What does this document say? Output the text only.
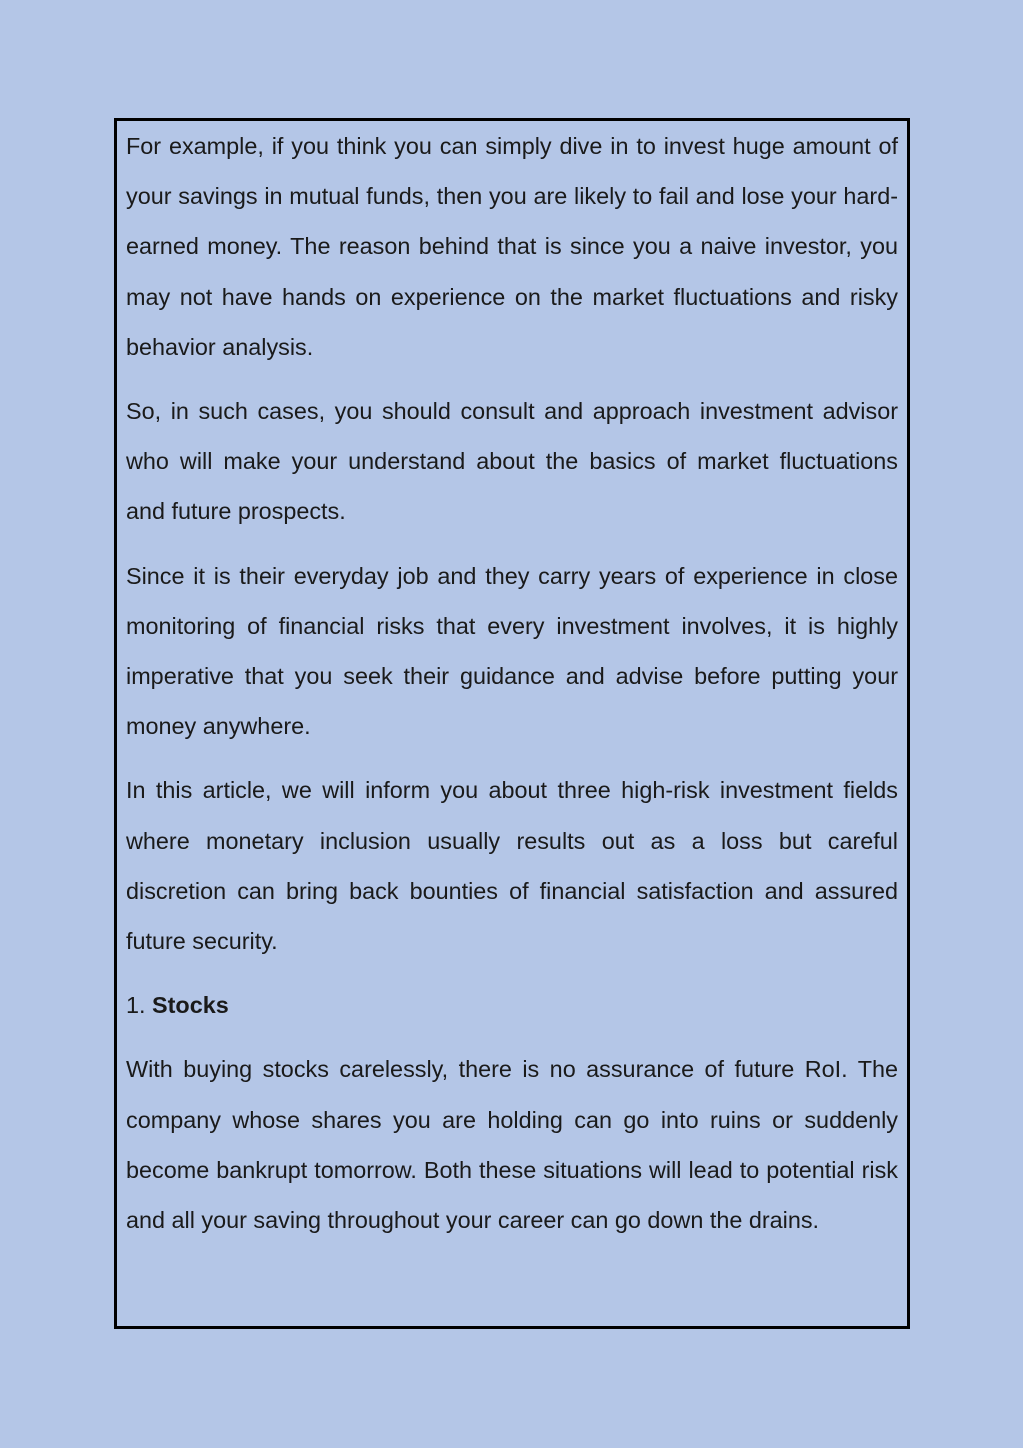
For example, if you think you can simply dive in to invest huge amount of your savings in mutual funds, then you are likely to fail and lose your hard-earned money. The reason behind that is since you a naive investor, you may not have hands on experience on the market fluctuations and risky behavior analysis.

So, in such cases, you should consult and approach investment advisor who will make your understand about the basics of market fluctuations and future prospects.

Since it is their everyday job and they carry years of experience in close monitoring of financial risks that every investment involves, it is highly imperative that you seek their guidance and advise before putting your money anywhere.

In this article, we will inform you about three high-risk investment fields where monetary inclusion usually results out as a loss but careful discretion can bring back bounties of financial satisfaction and assured future security.

1. Stocks

With buying stocks carelessly, there is no assurance of future RoI. The company whose shares you are holding can go into ruins or suddenly become bankrupt tomorrow. Both these situations will lead to potential risk and all your saving throughout your career can go down the drains.
